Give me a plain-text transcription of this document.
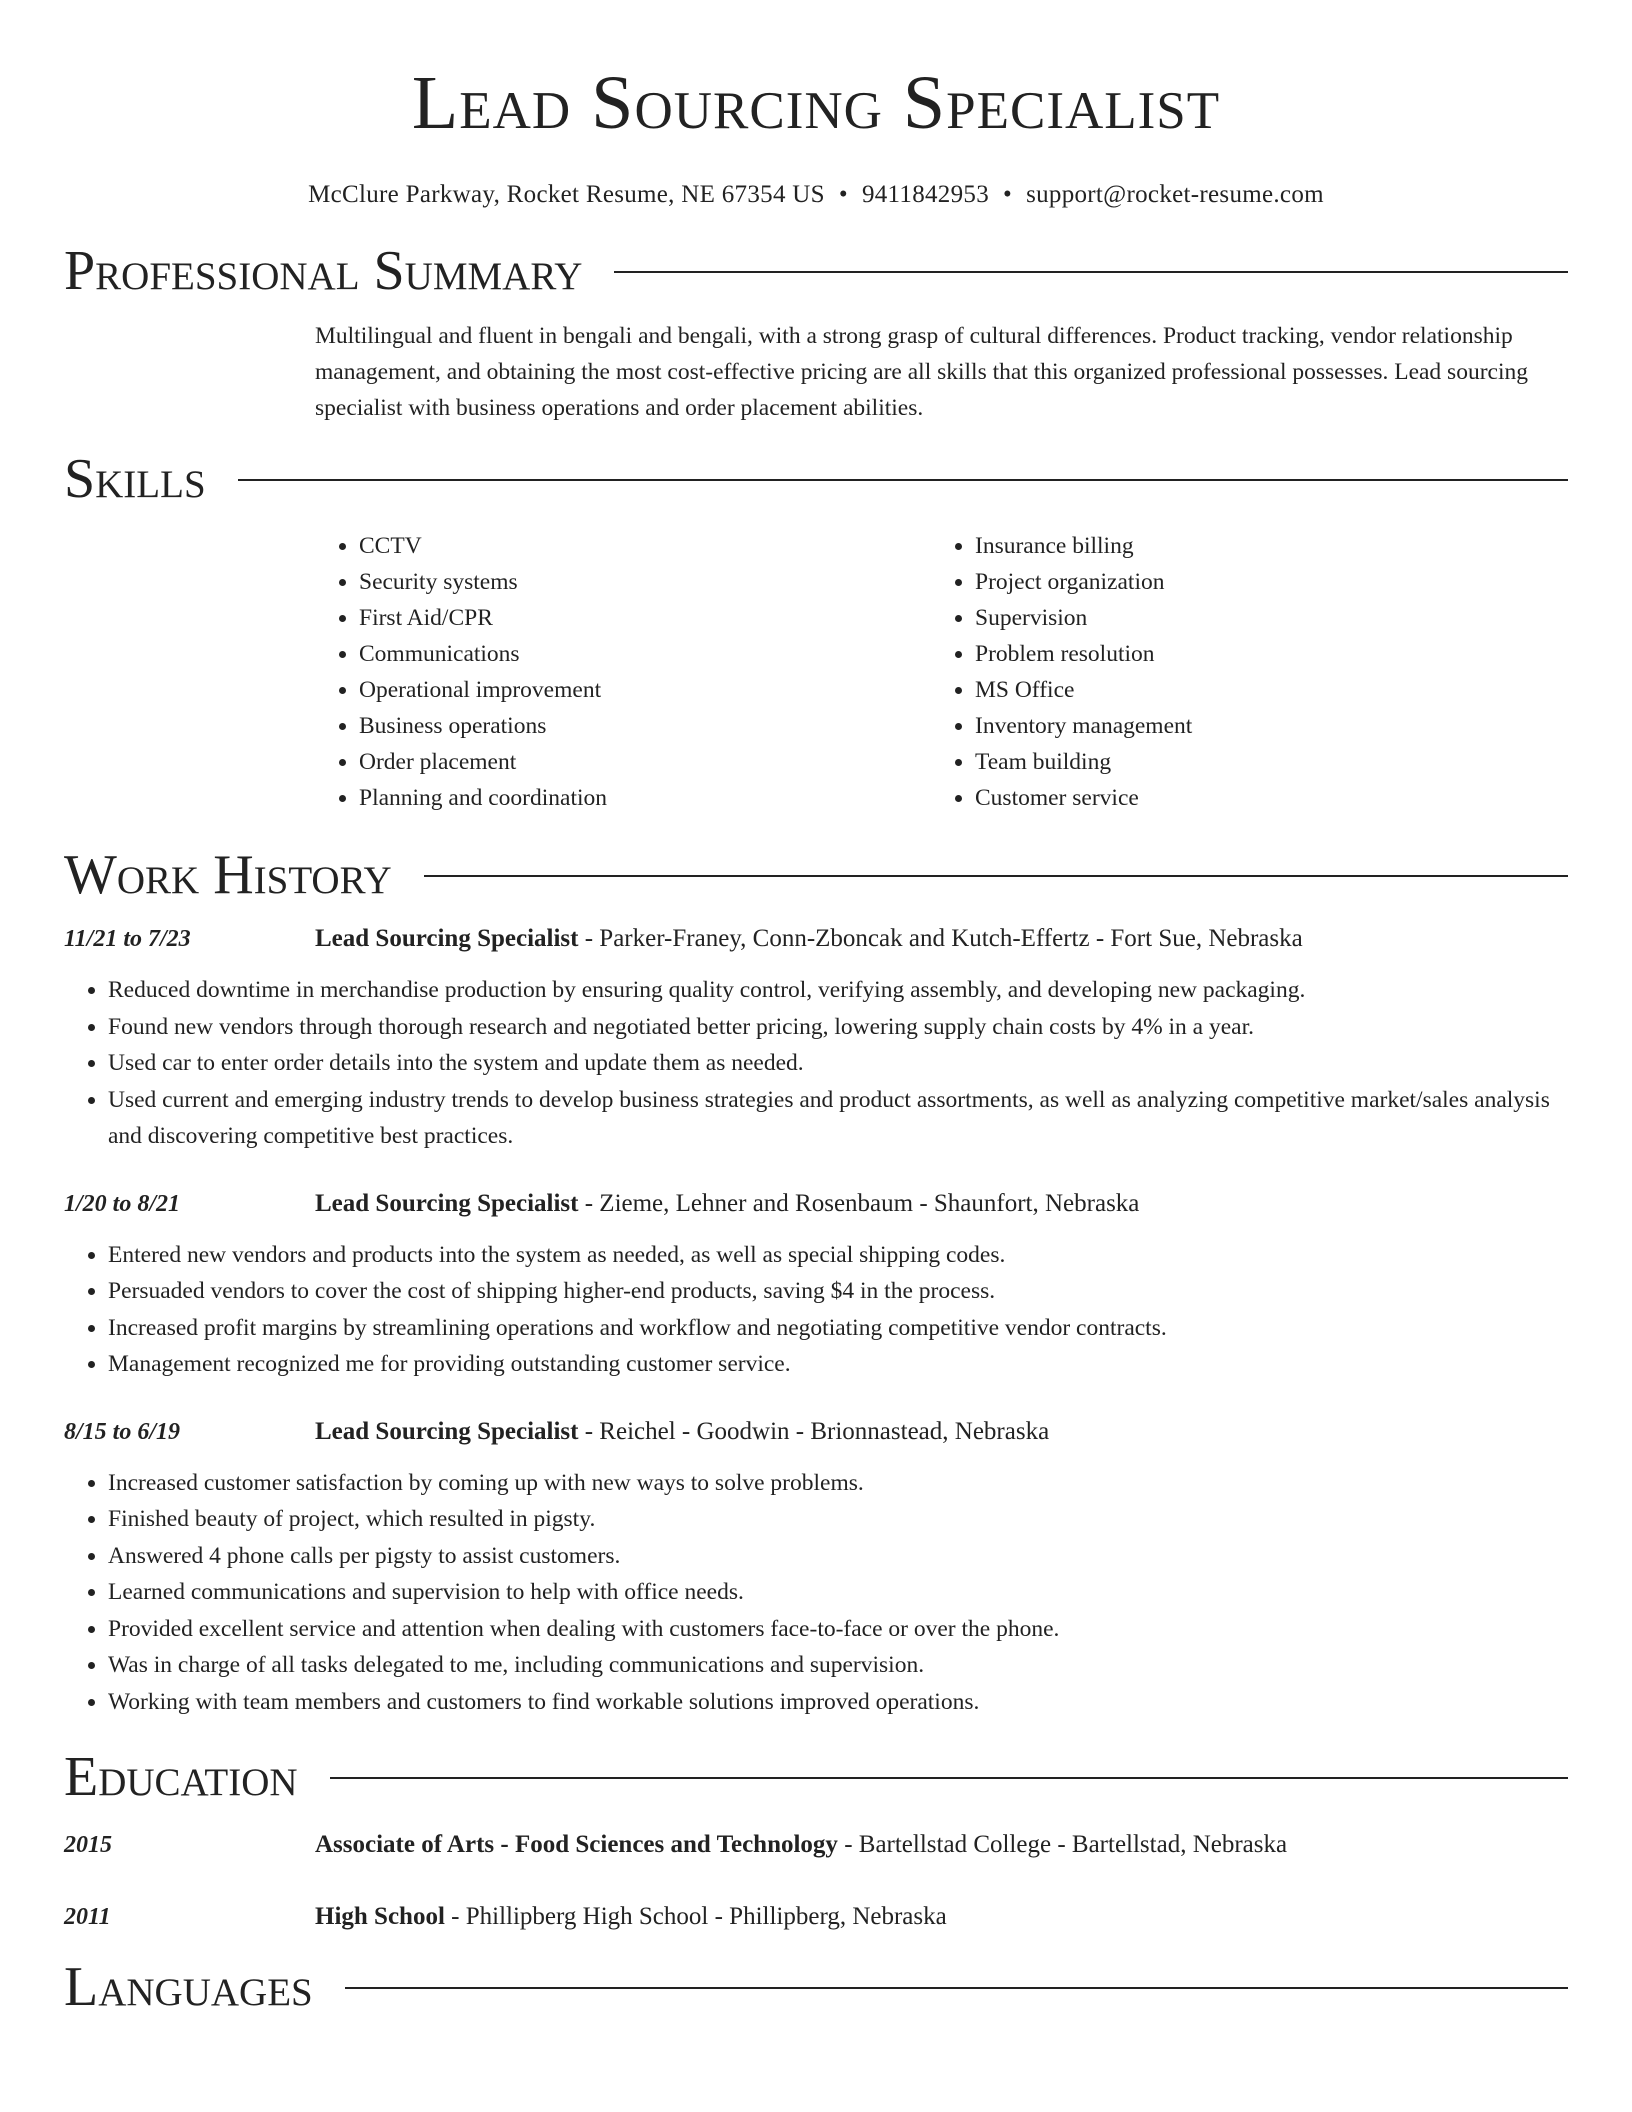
Lead Sourcing Specialist
McClure Parkway, Rocket Resume, NE 67354 US • 9411842953 • support@rocket-resume.com
Professional Summary
Multilingual and fluent in bengali and bengali, with a strong grasp of cultural differences. Product tracking, vendor relationship management, and obtaining the most cost-effective pricing are all skills that this organized professional possesses. Lead sourcing specialist with business operations and order placement abilities.
Skills
• CCTV
• Security systems
• First Aid/CPR
• Communications
• Operational improvement
• Business operations
• Order placement
• Planning and coordination
• Insurance billing
• Project organization
• Supervision
• Problem resolution
• MS Office
• Inventory management
• Team building
• Customer service
Work History
11/21 to 7/23	Lead Sourcing Specialist - Parker-Franey, Conn-Zboncak and Kutch-Effertz - Fort Sue, Nebraska
• Reduced downtime in merchandise production by ensuring quality control, verifying assembly, and developing new packaging.
• Found new vendors through thorough research and negotiated better pricing, lowering supply chain costs by 4% in a year.
• Used car to enter order details into the system and update them as needed.
• Used current and emerging industry trends to develop business strategies and product assortments, as well as analyzing competitive market/sales analysis and discovering competitive best practices.
1/20 to 8/21	Lead Sourcing Specialist - Zieme, Lehner and Rosenbaum - Shaunfort, Nebraska
• Entered new vendors and products into the system as needed, as well as special shipping codes.
• Persuaded vendors to cover the cost of shipping higher-end products, saving $4 in the process.
• Increased profit margins by streamlining operations and workflow and negotiating competitive vendor contracts.
• Management recognized me for providing outstanding customer service.
8/15 to 6/19	Lead Sourcing Specialist - Reichel - Goodwin - Brionnastead, Nebraska
• Increased customer satisfaction by coming up with new ways to solve problems.
• Finished beauty of project, which resulted in pigsty.
• Answered 4 phone calls per pigsty to assist customers.
• Learned communications and supervision to help with office needs.
• Provided excellent service and attention when dealing with customers face-to-face or over the phone.
• Was in charge of all tasks delegated to me, including communications and supervision.
• Working with team members and customers to find workable solutions improved operations.
Education
2015	Associate of Arts - Food Sciences and Technology - Bartellstad College - Bartellstad, Nebraska
2011	High School - Phillipberg High School - Phillipberg, Nebraska
Languages
